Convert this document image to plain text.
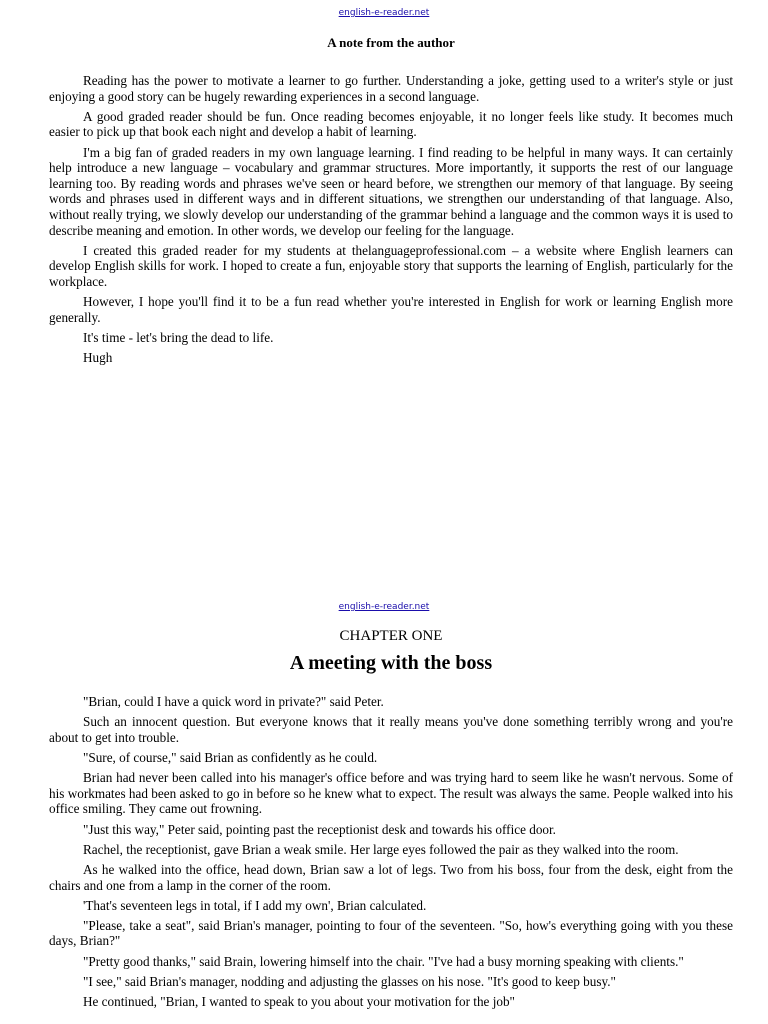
english-e-reader.net
A note from the author

Reading has the power to motivate a learner to go further. Understanding a joke, getting used to a writer's style or just enjoying a good story can be hugely rewarding experiences in a second language.

A good graded reader should be fun. Once reading becomes enjoyable, it no longer feels like study. It becomes much easier to pick up that book each night and develop a habit of learning.

I'm a big fan of graded readers in my own language learning. I find reading to be helpful in many ways. It can certainly help introduce a new language – vocabulary and grammar structures. More importantly, it supports the rest of our language learning too. By reading words and phrases we've seen or heard before, we strengthen our memory of that language. By seeing words and phrases used in different ways and in different situations, we strengthen our understanding of that language. Also, without really trying, we slowly develop our understanding of the grammar behind a language and the common ways it is used to describe meaning and emotion. In other words, we develop our feeling for the language.

I created this graded reader for my students at thelanguageprofessional.com – a website where English learners can develop English skills for work. I hoped to create a fun, enjoyable story that supports the learning of English, particularly for the workplace.

However, I hope you'll find it to be a fun read whether you're interested in English for work or learning English more generally.

It's time - let's bring the dead to life.

Hugh

english-e-reader.net
CHAPTER ONE
A meeting with the boss

"Brian, could I have a quick word in private?" said Peter.

Such an innocent question. But everyone knows that it really means you've done something terribly wrong and you're about to get into trouble.

"Sure, of course," said Brian as confidently as he could.

Brian had never been called into his manager's office before and was trying hard to seem like he wasn't nervous. Some of his workmates had been asked to go in before so he knew what to expect. The result was always the same. People walked into his office smiling. They came out frowning.

"Just this way," Peter said, pointing past the receptionist desk and towards his office door.

Rachel, the receptionist, gave Brian a weak smile. Her large eyes followed the pair as they walked into the room.

As he walked into the office, head down, Brian saw a lot of legs. Two from his boss, four from the desk, eight from the chairs and one from a lamp in the corner of the room.

'That's seventeen legs in total, if I add my own', Brian calculated.

"Please, take a seat", said Brian's manager, pointing to four of the seventeen. "So, how's everything going with you these days, Brian?"

"Pretty good thanks," said Brain, lowering himself into the chair. "I've had a busy morning speaking with clients."

"I see," said Brian's manager, nodding and adjusting the glasses on his nose. "It's good to keep busy."

He continued, "Brian, I wanted to speak to you about your motivation for the job"
